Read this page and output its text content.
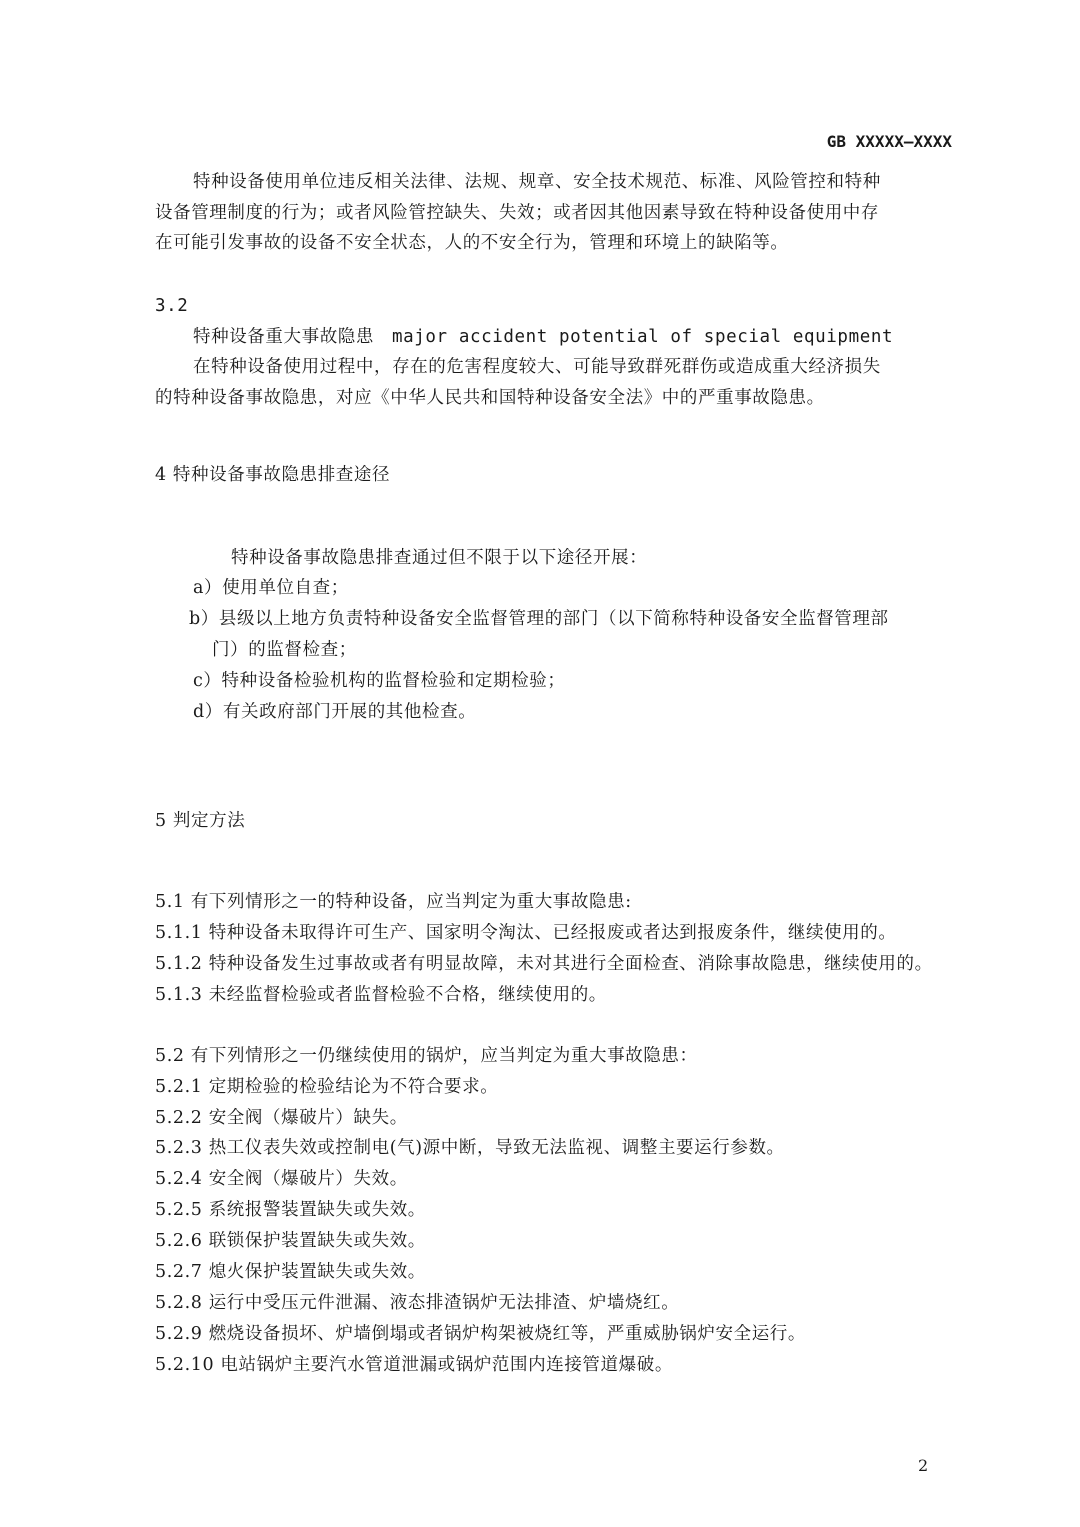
GB XXXXX—XXXX
特种设备使用单位违反相关法律、法规、规章、安全技术规范、标准、风险管控和特种
设备管理制度的行为；或者风险管控缺失、失效；或者因其他因素导致在特种设备使用中存
在可能引发事故的设备不安全状态，人的不安全行为，管理和环境上的缺陷等。
3.2
特种设备重大事故隐患 major accident potential of special equipment
在特种设备使用过程中，存在的危害程度较大、可能导致群死群伤或造成重大经济损失
的特种设备事故隐患，对应《中华人民共和国特种设备安全法》中的严重事故隐患。
4 特种设备事故隐患排查途径
特种设备事故隐患排查通过但不限于以下途径开展：
a）使用单位自查；
b）县级以上地方负责特种设备安全监督管理的部门（以下简称特种设备安全监督管理部
门）的监督检查；
c）特种设备检验机构的监督检验和定期检验；
d）有关政府部门开展的其他检查。
5 判定方法
5.1 有下列情形之一的特种设备，应当判定为重大事故隐患:
5.1.1 特种设备未取得许可生产、国家明令淘汰、已经报废或者达到报废条件，继续使用的。
5.1.2 特种设备发生过事故或者有明显故障，未对其进行全面检查、消除事故隐患，继续使用的。
5.1.3 未经监督检验或者监督检验不合格，继续使用的。
5.2 有下列情形之一仍继续使用的锅炉，应当判定为重大事故隐患：
5.2.1 定期检验的检验结论为不符合要求。
5.2.2 安全阀（爆破片）缺失。
5.2.3 热工仪表失效或控制电(气)源中断，导致无法监视、调整主要运行参数。
5.2.4 安全阀（爆破片）失效。
5.2.5 系统报警装置缺失或失效。
5.2.6 联锁保护装置缺失或失效。
5.2.7 熄火保护装置缺失或失效。
5.2.8 运行中受压元件泄漏、液态排渣锅炉无法排渣、炉墙烧红。
5.2.9 燃烧设备损坏、炉墙倒塌或者锅炉构架被烧红等，严重威胁锅炉安全运行。
5.2.10 电站锅炉主要汽水管道泄漏或锅炉范围内连接管道爆破。
2
